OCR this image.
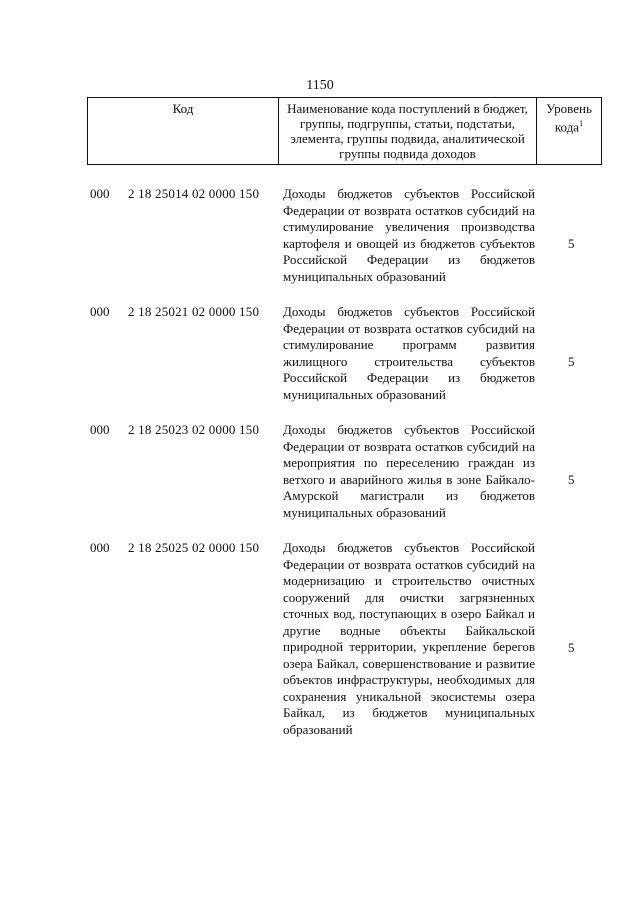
1150
Код	Наименование кода поступлений в бюджет, группы, подгруппы, статьи, подстатьи, элемента, группы подвида, аналитической группы подвида доходов
Уровень кода$^1$
000 2 18 25014 02 0000 150 Доходы бюджетов субъектов Российской Федерации от возврата остатков субсидий на стимулирование увеличения производства картофеля и овощей из бюджетов субъектов Российской Федерации из бюджетов муниципальных образований
5
000 2 18 25021 02 0000 150 Доходы бюджетов субъектов Российской Федерации от возврата остатков субсидий на стимулирование программ развития жилищного строительства субъектов Российской Федерации из бюджетов муниципальных образований
5
000 2 18 25023 02 0000 150 Доходы бюджетов субъектов Российской Федерации от возврата остатков субсидий на мероприятия по переселению граждан из ветхого и аварийного жилья в зоне Байкало-Амурской магистрали из бюджетов муниципальных образований
5
000 2 18 25025 02 0000 150 Доходы бюджетов субъектов Российской Федерации от возврата остатков субсидий на модернизацию и строительство очистных сооружений для очистки загрязненных сточных вод, поступающих в озеро Байкал и другие водные объекты Байкальской природной территории, укрепление берегов озера Байкал, совершенствование и развитие объектов инфраструктуры, необходимых для сохранения уникальной экосистемы озера Байкал, из бюджетов муниципальных образований
5
